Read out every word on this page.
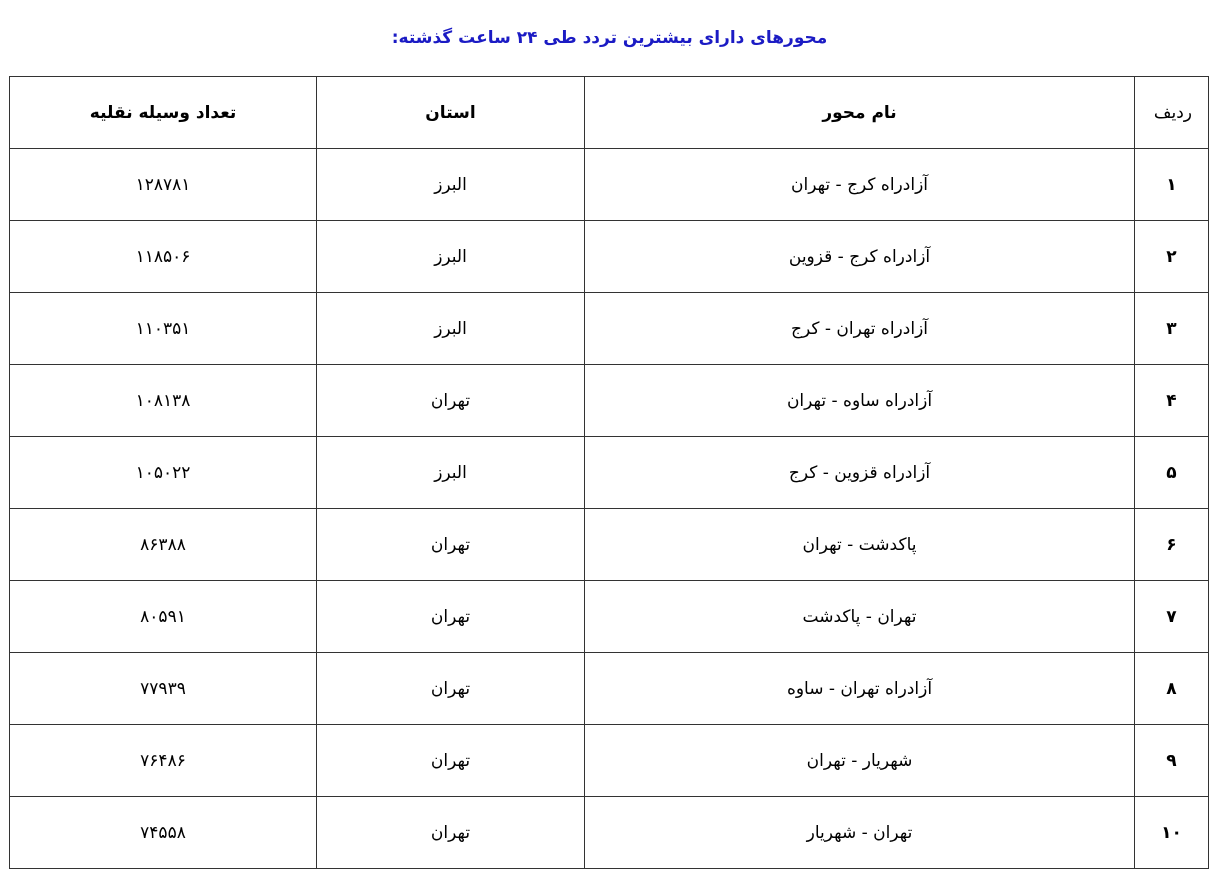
محورهای دارای بیشترین تردد طی ۲۴ ساعت گذشته:
ردیف	نام محور	استان	تعداد وسیله نقلیه
۱	آزادراه کرج - تهران	البرز	۱۲۸۷۸۱
۲	آزادراه کرج - قزوین	البرز	۱۱۸۵۰۶
۳	آزادراه تهران - کرج	البرز	۱۱۰۳۵۱
۴	آزادراه ساوه - تهران	تهران	۱۰۸۱۳۸
۵	آزادراه قزوین - کرج	البرز	۱۰۵۰۲۲
۶	پاکدشت - تهران	تهران	۸۶۳۸۸
۷	تهران - پاکدشت	تهران	۸۰۵۹۱
۸	آزادراه تهران - ساوه	تهران	۷۷۹۳۹
۹	شهریار - تهران	تهران	۷۶۴۸۶
۱۰	تهران - شهریار	تهران	۷۴۵۵۸
